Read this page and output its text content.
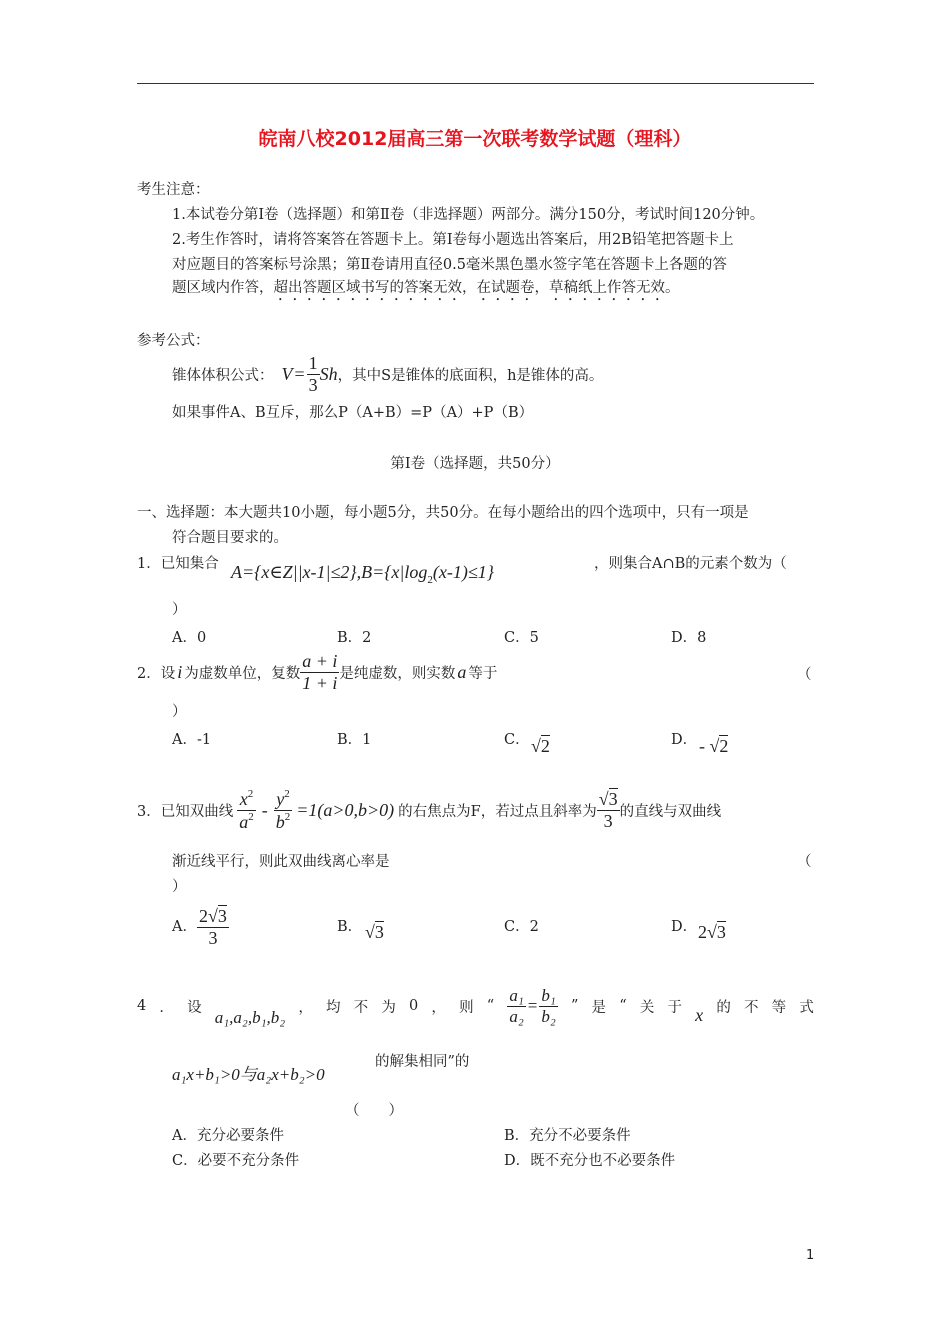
皖南八校2012届高三第一次联考数学试题（理科）
考生注意：
1.本试卷分第Ⅰ卷（选择题）和第Ⅱ卷（非选择题）两部分。满分150分，考试时间120分钟。
2.考生作答时，请将答案答在答题卡上。第Ⅰ卷每小题选出答案后，用2B铅笔把答题卡上
对应题目的答案标号涂黑；第Ⅱ卷请用直径0.5毫米黑色墨水签字笔在答题卡上各题的答
题区域内作答，超出答题区域书写的答案无效，在试题卷，草稿纸上作答无效。
参考公式：
锥体体积公式： $V = \frac{1}{3}$ Sh ，其中S是锥体的底面积，h是锥体的高。
如果事件A、B互斥，那么P（A+B）=P（A）+P（B）
第Ⅰ卷（选择题，共50分）
一、选择题：本大题共10小题，每小题5分，共50分。在每小题给出的四个选项中，只有一项是
符合题目要求的。
1．已知集合 $A=\{x\in Z||x-1|\le 2\},B=\{x|\log_2(x-1)\le 1\}$	，则集合A∩B的元素个数为（
）
A．0	B．2	C．5	D．8
2．设 i 为虚数单位，复数 $\frac{a + i}{1 + i}$ 是纯虚数，则实数 a 等于	（
）
A．-1	B．1	C． √2	D． - √2
3．已知双曲线 $\frac{x^2}{a^2} - \frac{y^2}{b^2} =1(a>0,b>0)$ 的右焦点为F，若过点且斜率为 $\frac{√3}{3}$ 的直线与双曲线
渐近线平行，则此双曲线离心率是	（
）
A． $\frac{2√3}{3}$	B． √3	C．2	D． 2√3
4 ． 设
a₁,a₂,b₁,b₂
， 均 不 为 0 ， 则 “ $\frac{\text{a₁}}{\text{a₂}} = \frac{\text{b₁}}{\text{b₂}}$ ” 是 “ 关 于 x 的 不 等 式
a₁x+b₁>0与a₂x+b₂>0
的解集相同”的
（　　）
A．充分必要条件	B．充分不必要条件
C．必要不充分条件	D．既不充分也不必要条件
1
